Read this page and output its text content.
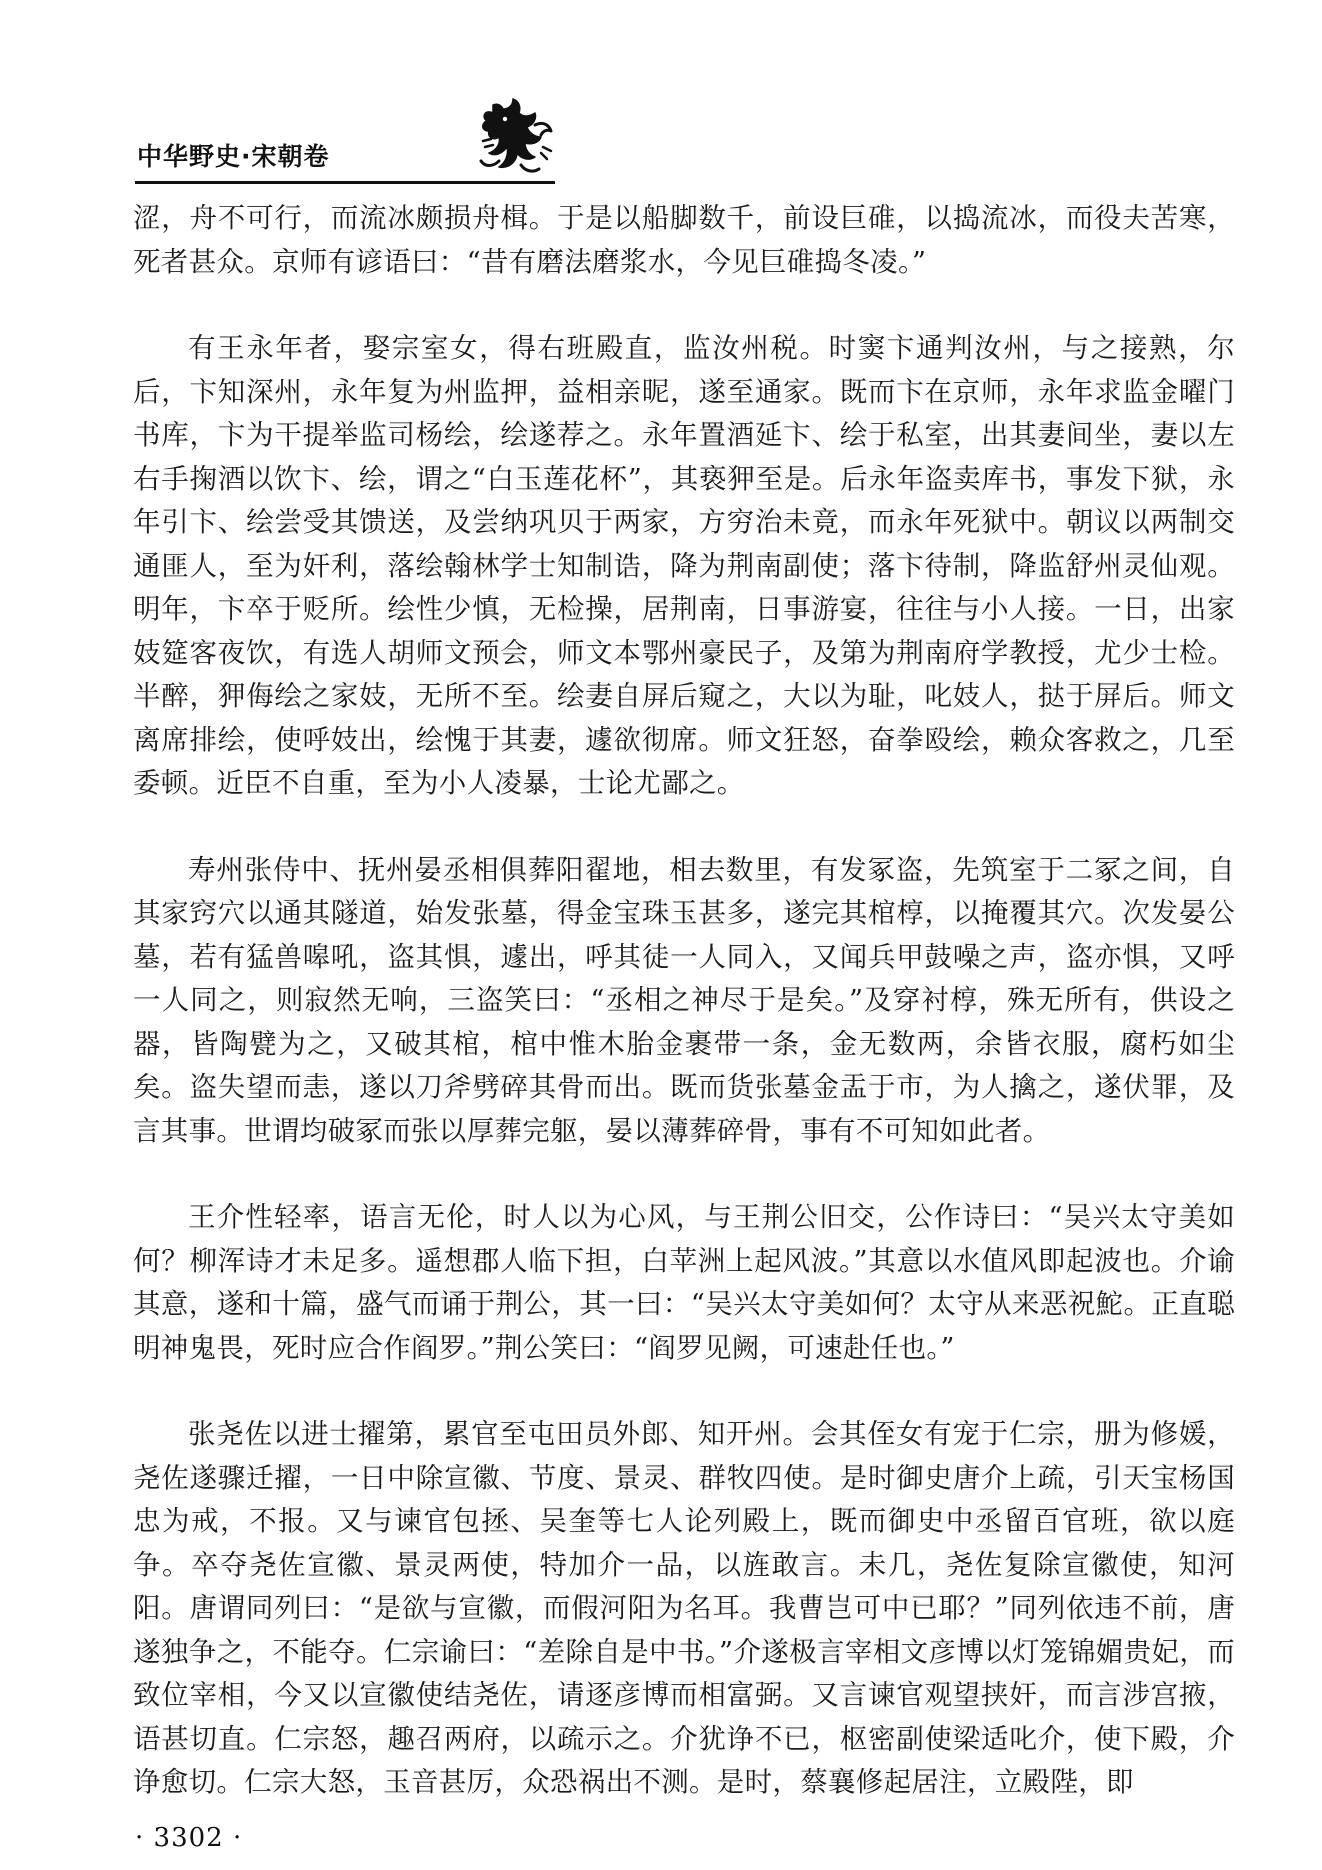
中华野史·宋朝卷

涩，舟不可行，而流冰颇损舟楫。于是以船脚数千，前设巨碓，以捣流冰，而役夫苦寒，死者甚众。京师有谚语曰：“昔有磨法磨浆水，今见巨碓捣冬凌。”

有王永年者，娶宗室女，得右班殿直，监汝州税。时窦卞通判汝州，与之接熟，尔后，卞知深州，永年复为州监押，益相亲昵，遂至通家。既而卞在京师，永年求监金曜门书库，卞为干提举监司杨绘，绘遂荐之。永年置酒延卞、绘于私室，出其妻间坐，妻以左右手掬酒以饮卞、绘，谓之“白玉莲花杯”，其亵狎至是。后永年盗卖库书，事发下狱，永年引卞、绘尝受其馈送，及尝纳巩贝于两家，方穷治未竟，而永年死狱中。朝议以两制交通匪人，至为奸利，落绘翰林学士知制诰，降为荆南副使；落卞待制，降监舒州灵仙观。明年，卞卒于贬所。绘性少慎，无检操，居荆南，日事游宴，往往与小人接。一日，出家妓筵客夜饮，有选人胡师文预会，师文本鄂州豪民子，及第为荆南府学教授，尤少士检。半醉，狎侮绘之家妓，无所不至。绘妻自屏后窥之，大以为耻，叱妓人，挞于屏后。师文离席排绘，使呼妓出，绘愧于其妻，遽欲彻席。师文狂怒，奋拳殴绘，赖众客救之，几至委顿。近臣不自重，至为小人凌暴，士论尤鄙之。

寿州张侍中、抚州晏丞相俱葬阳翟地，相去数里，有发冢盗，先筑室于二冢之间，自其家窍穴以通其隧道，始发张墓，得金宝珠玉甚多，遂完其棺椁，以掩覆其穴。次发晏公墓，若有猛兽嗥吼，盗其惧，遽出，呼其徒一人同入，又闻兵甲鼓噪之声，盗亦惧，又呼一人同之，则寂然无响，三盗笑曰：“丞相之神尽于是矣。”及穿衬椁，殊无所有，供设之器，皆陶甓为之，又破其棺，棺中惟木胎金裹带一条，金无数两，余皆衣服，腐朽如尘矣。盗失望而恚，遂以刀斧劈碎其骨而出。既而货张墓金盂于市，为人擒之，遂伏罪，及言其事。世谓均破冢而张以厚葬完躯，晏以薄葬碎骨，事有不可知如此者。

王介性轻率，语言无伦，时人以为心风，与王荆公旧交，公作诗曰：“吴兴太守美如何？柳浑诗才未足多。遥想郡人临下担，白苹洲上起风波。”其意以水值风即起波也。介谕其意，遂和十篇，盛气而诵于荆公，其一曰：“吴兴太守美如何？太守从来恶祝鮀。正直聪明神鬼畏，死时应合作阎罗。”荆公笑曰：“阎罗见阙，可速赴任也。”

张尧佐以进士擢第，累官至屯田员外郎、知开州。会其侄女有宠于仁宗，册为修媛，尧佐遂骤迁擢，一日中除宣徽、节度、景灵、群牧四使。是时御史唐介上疏，引天宝杨国忠为戒，不报。又与谏官包拯、吴奎等七人论列殿上，既而御史中丞留百官班，欲以庭争。卒夺尧佐宣徽、景灵两使，特加介一品，以旌敢言。未几，尧佐复除宣徽使，知河阳。唐谓同列曰：“是欲与宣徽，而假河阳为名耳。我曹岂可中已耶？”同列依违不前，唐遂独争之，不能夺。仁宗谕曰：“差除自是中书。”介遂极言宰相文彦博以灯笼锦媚贵妃，而致位宰相，今又以宣徽使结尧佐，请逐彦博而相富弼。又言谏官观望挟奸，而言涉宫掖，语甚切直。仁宗怒，趣召两府，以疏示之。介犹诤不已，枢密副使梁适叱介，使下殿，介诤愈切。仁宗大怒，玉音甚厉，众恐祸出不测。是时，蔡襄修起居注，立殿陛，即

· 3302 ·
